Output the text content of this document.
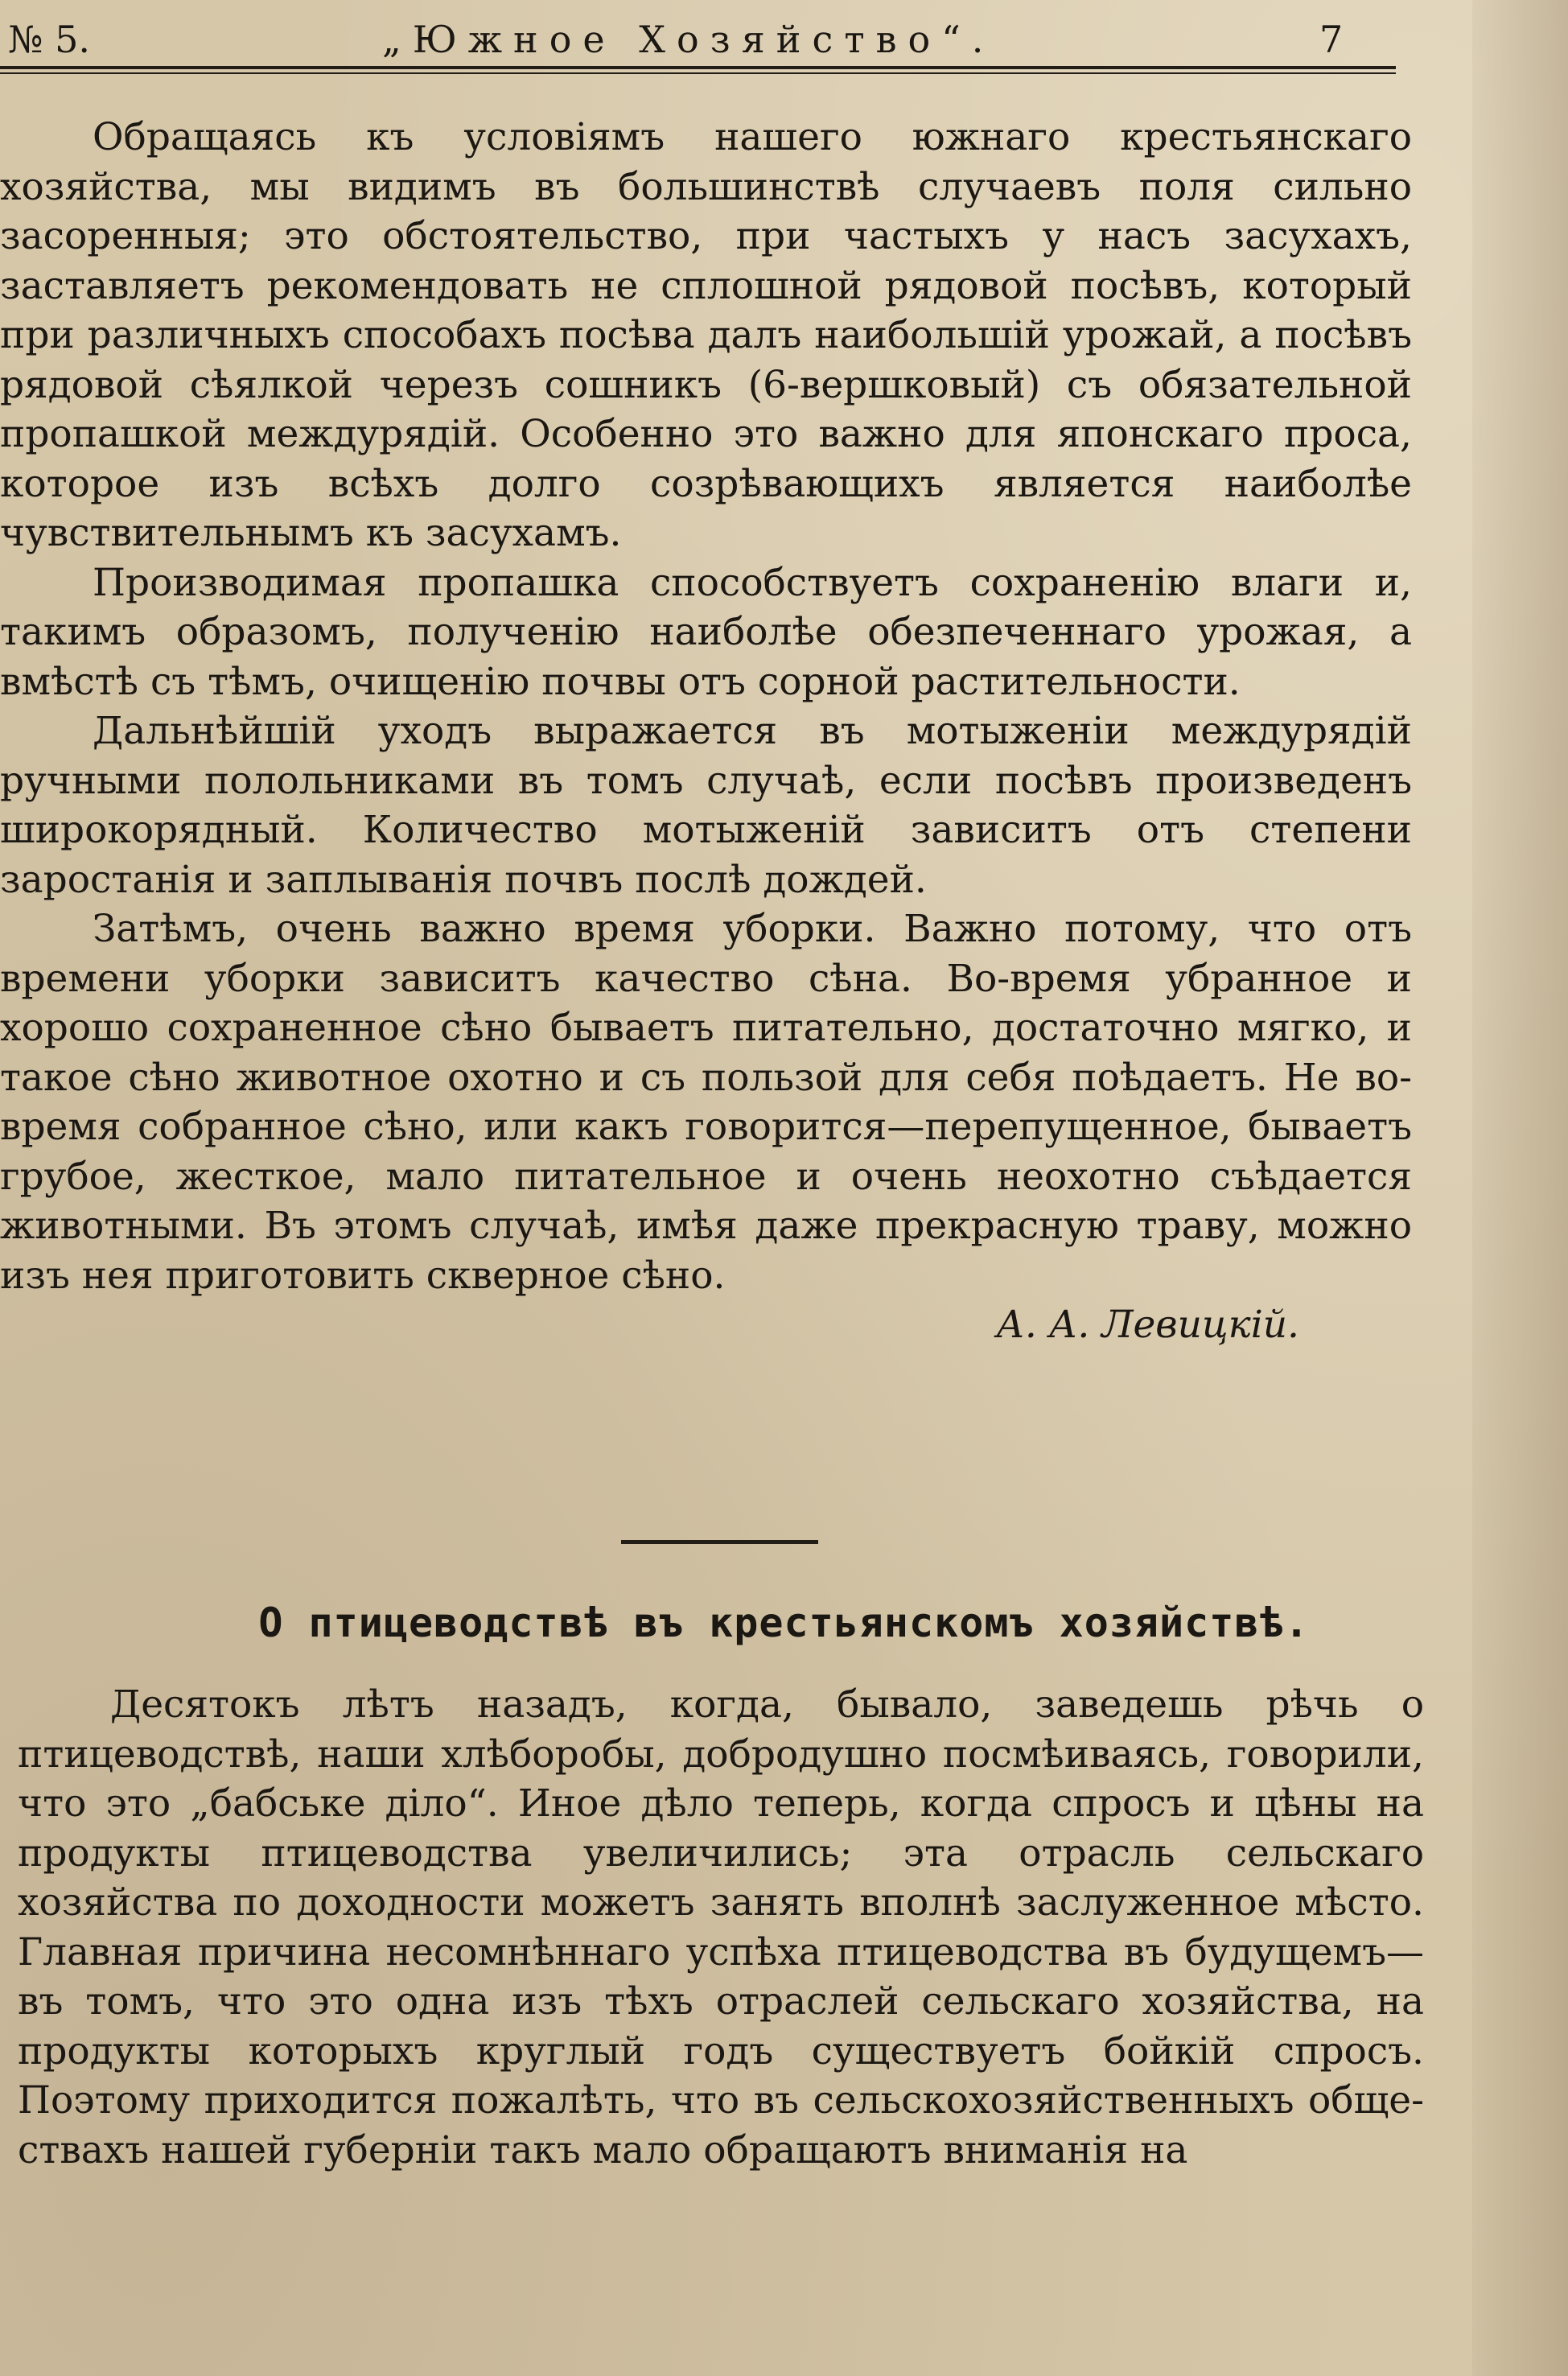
№ 5.	„Южное Хозяйство“.	7

Обращаясь къ условіямъ нашего южнаго крестьянскаго хозяйства, мы видимъ въ большинствѣ случаевъ поля сильно засоренныя; это обстоятельство, при частыхъ у насъ засухахъ, заставляетъ рекомендовать не сплошной рядовой посѣвъ, который при различныхъ способахъ посѣва далъ наибольшій урожай, а посѣвъ рядовой сѣялкой черезъ сошникъ (6-вершковый) съ обязательной пропашкой междурядій. Особенно это важно для японскаго проса, которое изъ всѣхъ долго созрѣвающихъ является наиболѣе чувствительнымъ къ засухамъ.

Производимая пропашка способствуетъ сохраненію влаги и, такимъ образомъ, полученію наиболѣе обезпеченнаго урожая, а вмѣстѣ съ тѣмъ, очищенію почвы отъ сорной растительности.

Дальнѣйшій уходъ выражается въ мотыженіи междурядій ручными полольниками въ томъ случаѣ, если посѣвъ произведенъ широкорядный. Количество мотыженій зависитъ отъ степени заростанія и заплыванія почвъ послѣ дождей.

Затѣмъ, очень важно время уборки. Важно потому, что отъ времени уборки зависитъ качество сѣна. Во-время убранное и хорошо сохраненное сѣно бываетъ питательно, достаточно мягко, и такое сѣно животное охотно и съ пользой для себя поѣдаетъ. Не во-время собранное сѣно, или какъ говорится—перепущенное, бываетъ грубое, жесткое, мало питательное и очень неохотно съѣдается животными. Въ этомъ случаѣ, имѣя даже прекрасную траву, можно изъ нея приготовить скверное сѣно.

А. А. Левицкій.

О птицеводствѣ въ крестьянскомъ хозяйствѣ.

Десятокъ лѣтъ назадъ, когда, бывало, заведешь рѣчь о птицеводствѣ, наши хлѣборобы, добродушно посмѣиваясь, говорили, что это „бабське діло“. Иное дѣло теперь, когда спросъ и цѣны на продукты птицеводства увеличились; эта отрасль сельскаго хозяйства по доходности можетъ занять вполнѣ заслуженное мѣсто. Главная причина несомнѣннаго успѣха птицеводства въ будущемъ—въ томъ, что это одна изъ тѣхъ отраслей сельскаго хозяйства, на продукты которыхъ круглый годъ существуетъ бойкій спросъ. Поэтому приходится пожалѣть, что въ сельскохозяйственныхъ обществахъ нашей губерніи такъ мало обращаютъ вниманія на
